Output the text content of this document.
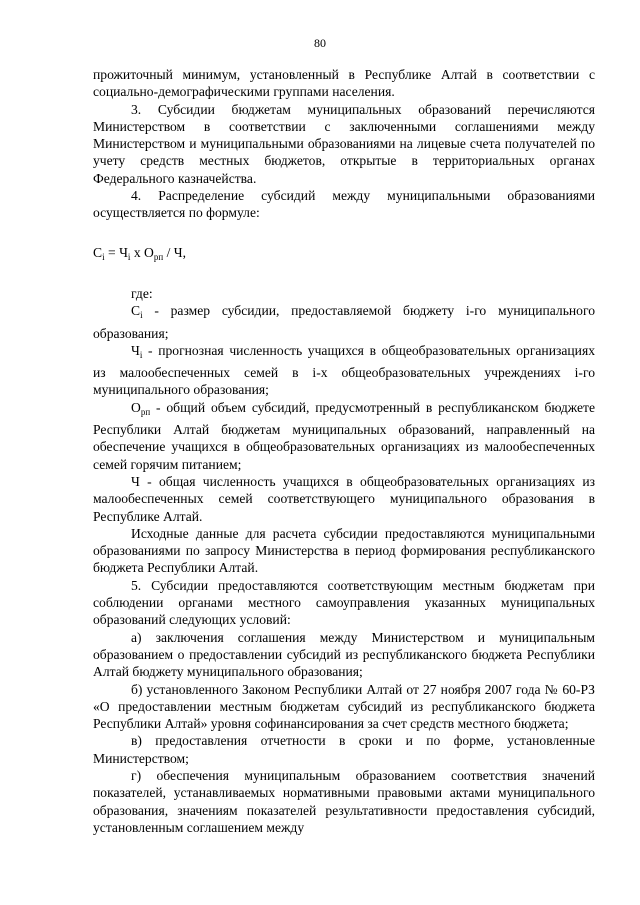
80

прожиточный минимум, установленный в Республике Алтай в соответствии с социально-демографическими группами населения.

3. Субсидии бюджетам муниципальных образований перечисляются Министерством в соответствии с заключенными соглашениями между Министерством и муниципальными образованиями на лицевые счета получателей по учету средств местных бюджетов, открытые в территориальных органах Федерального казначейства.

4. Распределение субсидий между муниципальными образованиями осуществляется по формуле:

$С_i = Ч_i$ x $О_{рп}$ / Ч,

где:

$С_i$ - размер субсидии, предоставляемой бюджету i-го муниципального образования;

$Ч_i$ - прогнозная численность учащихся в общеобразовательных организациях из малообеспеченных семей в i-х общеобразовательных учреждениях i-го муниципального образования;

$О_{рп}$ - общий объем субсидий, предусмотренный в республиканском бюджете Республики Алтай бюджетам муниципальных образований, направленный на обеспечение учащихся в общеобразовательных организациях из малообеспеченных семей горячим питанием;

Ч - общая численность учащихся в общеобразовательных организациях из малообеспеченных семей соответствующего муниципального образования в Республике Алтай.

Исходные данные для расчета субсидии предоставляются муниципальными образованиями по запросу Министерства в период формирования республиканского бюджета Республики Алтай.

5. Субсидии предоставляются соответствующим местным бюджетам при соблюдении органами местного самоуправления указанных муниципальных образований следующих условий:

а) заключения соглашения между Министерством и муниципальным образованием о предоставлении субсидий из республиканского бюджета Республики Алтай бюджету муниципального образования;

б) установленного Законом Республики Алтай от 27 ноября 2007 года № 60-РЗ «О предоставлении местным бюджетам субсидий из республиканского бюджета Республики Алтай» уровня софинансирования за счет средств местного бюджета;

в) предоставления отчетности в сроки и по форме, установленные Министерством;

г) обеспечения муниципальным образованием соответствия значений показателей, устанавливаемых нормативными правовыми актами муниципального образования, значениям показателей результативности предоставления субсидий, установленным соглашением между
